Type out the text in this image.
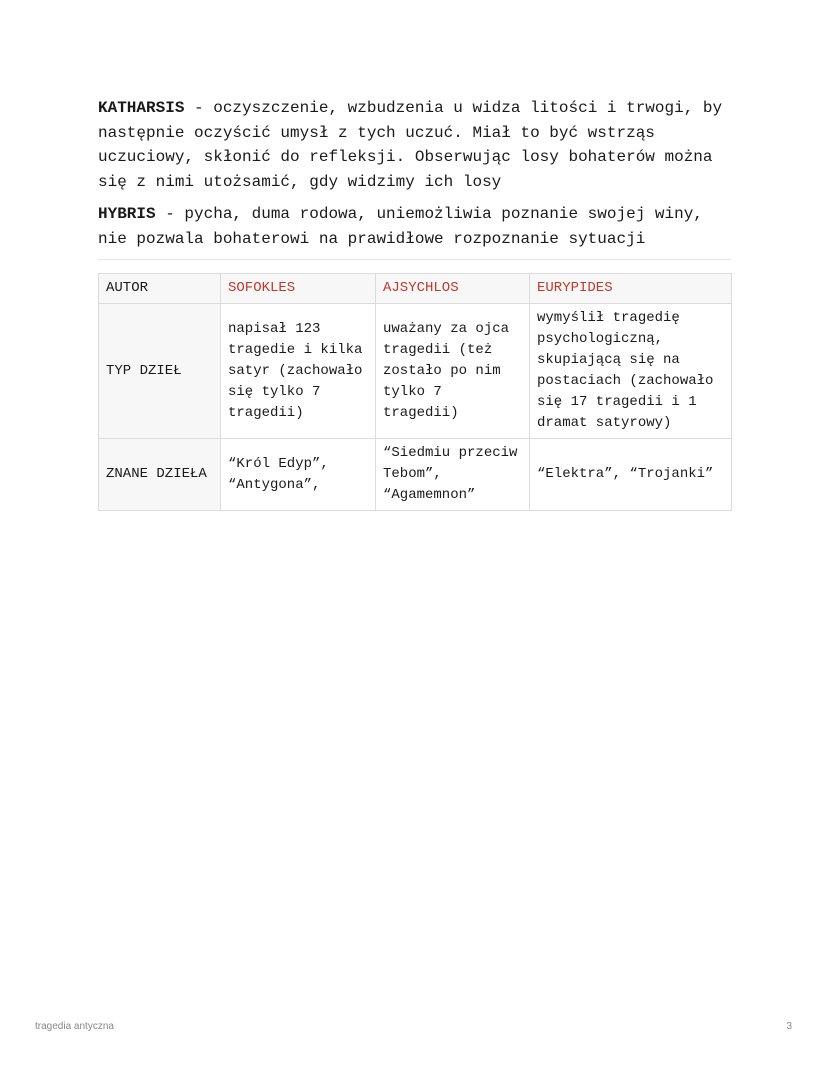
KATHARSIS - oczyszczenie, wzbudzenia u widza litości i trwogi, by następnie oczyścić umysł z tych uczuć. Miał to być wstrząs uczuciowy, skłonić do refleksji. Obserwując losy bohaterów można się z nimi utożsamić, gdy widzimy ich losy

HYBRIS - pycha, duma rodowa, uniemożliwia poznanie swojej winy, nie pozwala bohaterowi na prawidłowe rozpoznanie sytuacji

AUTOR	SOFOKLES	AJSYCHLOS	EURYPIDES
TYP DZIEŁ	napisał 123 tragedie i kilka satyr (zachowało się tylko 7 tragedii)	uważany za ojca tragedii (też zostało po nim tylko 7 tragedii)	wymyślił tragedię psychologiczną, skupiającą się na postaciach (zachowało się 17 tragedii i 1 dramat satyrowy)
ZNANE DZIEŁA	“Król Edyp”, “Antygona”,	“Siedmiu przeciw Tebom”, “Agamemnon”	“Elektra”, “Trojanki”
tragedia antyczna	3
